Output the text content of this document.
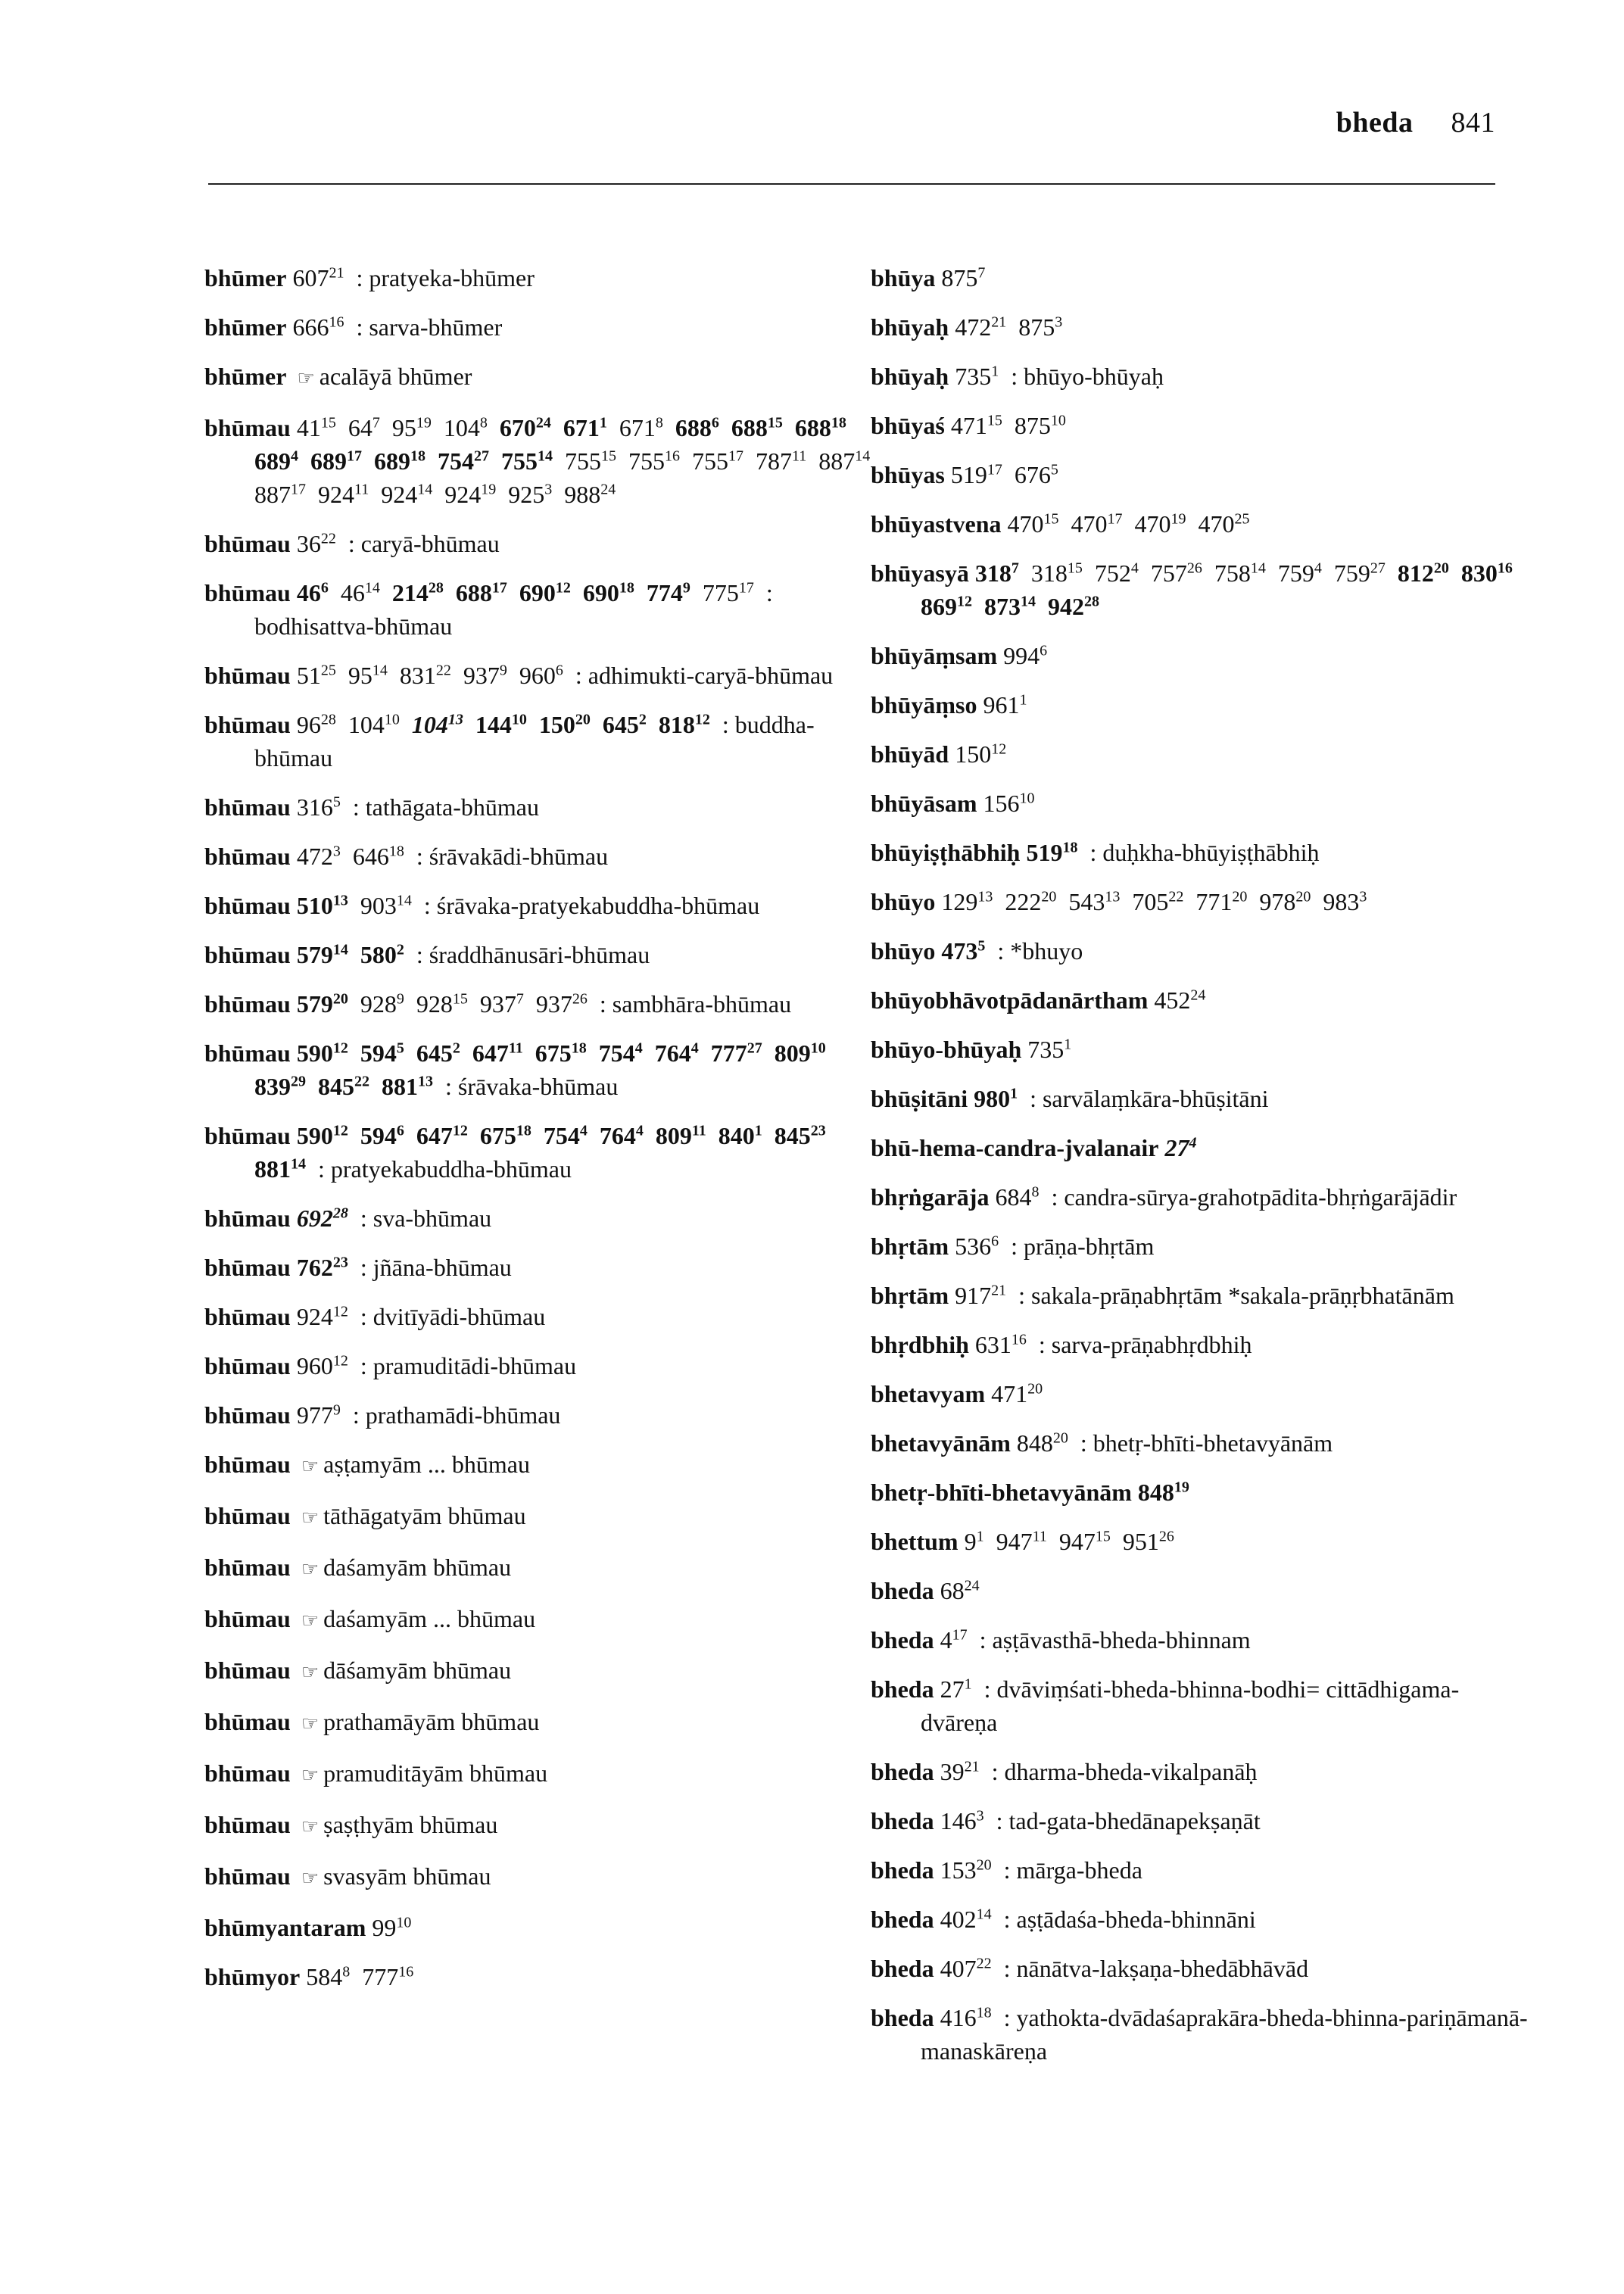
bheda 841
bhūmer $607^{21}$ : pratyeka-bhūmer
bhūmer $666^{16}$ : sarva-bhūmer
bhūmer ☞ acalāyā bhūmer
bhūmau $41^{15}$ $64^7$ $95^{19}$ $104^8$ $670^{24}$ $671^1$ $671^8$ $688^6$ $688^{15}$ $688^{18}$ $689^4$ $689^{17}$ $689^{18}$ $754^{27}$ $755^{14}$ $755^{15}$ $755^{16}$ $755^{17}$ $787^{11}$ $887^{14}$ $887^{17}$ $924^{11}$ $924^{14}$ $924^{19}$ $925^3$ $988^{24}$
bhūmau $36^{22}$ : caryā-bhūmau
bhūmau $46^6$ $46^{14}$ $214^{28}$ $688^{17}$ $690^{12}$ $690^{18}$ $774^9$ $775^{17}$ : bodhisattva-bhūmau
bhūmau $51^{25}$ $95^{14}$ $831^{22}$ $937^9$ $960^6$ : adhimukti-caryā-bhūmau
bhūmau $96^{28}$ $104^{10}$ $104^{13}$ $144^{10}$ $150^{20}$ $645^2$ $818^{12}$ : buddha-bhūmau
bhūmau $316^5$ : tathāgata-bhūmau
bhūmau $472^3$ $646^{18}$ : śrāvakādi-bhūmau
bhūmau $510^{13}$ $903^{14}$ : śrāvaka-pratyekabuddha-bhūmau
bhūmau $579^{14}$ $580^2$ : śraddhānusāri-bhūmau
bhūmau $579^{20}$ $928^9$ $928^{15}$ $937^7$ $937^{26}$ : sambhāra-bhūmau
bhūmau $590^{12}$ $594^5$ $645^2$ $647^{11}$ $675^{18}$ $754^4$ $764^4$ $777^{27}$ $809^{10}$ $839^{29}$ $845^{22}$ $881^{13}$ : śrāvaka-bhūmau
bhūmau $590^{12}$ $594^6$ $647^{12}$ $675^{18}$ $754^4$ $764^4$ $809^{11}$ $840^1$ $845^{23}$ $881^{14}$ : pratyekabuddha-bhūmau
bhūmau $692^{28}$ : sva-bhūmau
bhūmau $762^{23}$ : jñāna-bhūmau
bhūmau $924^{12}$ : dvitīyādi-bhūmau
bhūmau $960^{12}$ : pramuditādi-bhūmau
bhūmau $977^9$ : prathamādi-bhūmau
bhūmau ☞ aṣṭamyām ... bhūmau
bhūmau ☞ tāthāgatyām bhūmau
bhūmau ☞ daśamyām bhūmau
bhūmau ☞ daśamyām ... bhūmau
bhūmau ☞ dāśamyām bhūmau
bhūmau ☞ prathamāyām bhūmau
bhūmau ☞ pramuditāyām bhūmau
bhūmau ☞ ṣaṣṭhyām bhūmau
bhūmau ☞ svasyām bhūmau
bhūmyantaram $99^{10}$
bhūmyor $584^8$ $777^{16}$
bhūya $875^7$
bhūyaḥ $472^{21}$ $875^3$
bhūyaḥ $735^1$ : bhūyo-bhūyaḥ
bhūyaś $471^{15}$ $875^{10}$
bhūyas $519^{17}$ $676^5$
bhūyastvena $470^{15}$ $470^{17}$ $470^{19}$ $470^{25}$
bhūyasyā $318^7$ $318^{15}$ $752^4$ $757^{26}$ $758^{14}$ $759^4$ $759^{27}$ $812^{20}$ $830^{16}$ $869^{12}$ $873^{14}$ $942^{28}$
bhūyāṃsam $994^6$
bhūyāṃso $961^1$
bhūyād $150^{12}$
bhūyāsam $156^{10}$
bhūyiṣṭhābhiḥ $519^{18}$ : duḥkha-bhūyiṣṭhābhiḥ
bhūyo $129^{13}$ $222^{20}$ $543^{13}$ $705^{22}$ $771^{20}$ $978^{20}$ $983^3$
bhūyo $473^5$ : *bhuyo
bhūyobhāvotpādanārtham $452^{24}$
bhūyo-bhūyaḥ $735^1$
bhūṣitāni $980^1$ : sarvālaṃkāra-bhūṣitāni
bhū-hema-candra-jvalanair $27^4$
bhṛṅgarāja $684^8$ : candra-sūrya-grahotpādita-bhṛṅgarājādir
bhṛtām $536^6$ : prāṇa-bhṛtām
bhṛtām $917^{21}$ : sakala-prāṇabhṛtām *sakala-prāṇṛbhatānām
bhṛdbhiḥ $631^{16}$ : sarva-prāṇabhṛdbhiḥ
bhetavyam $471^{20}$
bhetavyānām $848^{20}$ : bhetṛ-bhīti-bhetavyānām
bhetṛ-bhīti-bhetavyānām $848^{19}$
bhettum $9^1$ $947^{11}$ $947^{15}$ $951^{26}$
bheda $68^{24}$
bheda $4^{17}$ : aṣṭāvasthā-bheda-bhinnam
bheda $27^1$ : dvāviṃśati-bheda-bhinna-bodhi= cittādhigama-dvāreṇa
bheda $39^{21}$ : dharma-bheda-vikalpanāḥ
bheda $146^3$ : tad-gata-bhedānapekṣaṇāt
bheda $153^{20}$ : mārga-bheda
bheda $402^{14}$ : aṣṭādaśa-bheda-bhinnāni
bheda $407^{22}$ : nānātva-lakṣaṇa-bhedābhāvād
bheda $416^{18}$ : yathokta-dvādaśaprakāra-bheda-bhinna-pariṇāmanā-manaskāreṇa
